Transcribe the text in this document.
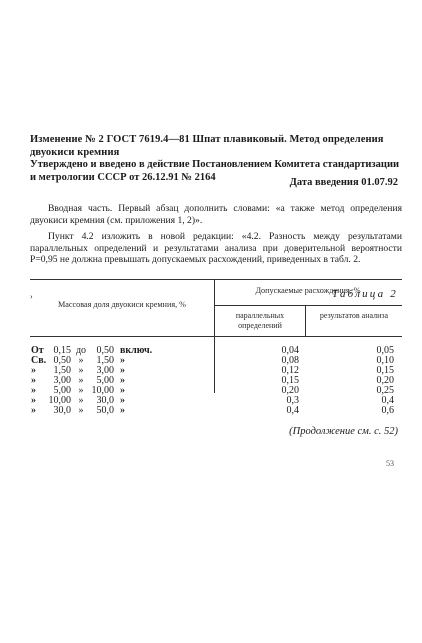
Изменение № 2 ГОСТ 7619.4—81 Шпат плавиковый. Метод определения двуокиси кремния
Утверждено и введено в действие Постановлением Комитета стандартизации и метрологии СССР от 26.12.91 № 2164	Дата введения 01.07.92
Вводная часть. Первый абзац дополнить словами: «а также метод определения двуокиси кремния (см. приложения 1, 2)».
Пункт 4.2 изложить в новой редакции: «4.2. Разность между результатами параллельных определений и результатами анализа при доверительной вероятности P=0,95 не должна превышать допускаемых расхождений, приведенных в табл. 2.
›	Таблица 2
Массовая доля двуокиси кремния, %
Допускаемые расхождения, %
параллельных определений
результатов анализа
От 0,15 до	0,50 включ.	0,04	0,05
Св. 0,50 »	1,50 »	0,08	0,10
»	1,50 »	3,00 »	0,12	0,15
»	3,00 »	5,00 »	0,15	0,20
»	5,00 » 10,00 »	0,20	0,25
»	10,00 »	30,0 »	0,3	0,4
»	30,0 »	50,0 »	0,4	0,6
(Продолжение см. с. 52)
53
